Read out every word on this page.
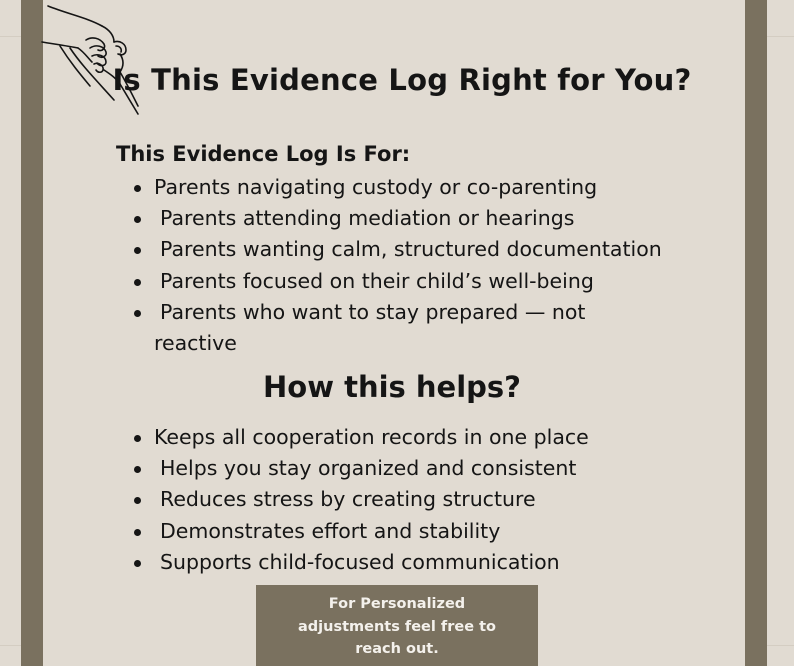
Is This Evidence Log Right for You?
This Evidence Log Is For:
Parents navigating custody or co-parenting
Parents attending mediation or hearings
Parents wanting calm, structured documentation
Parents focused on their child’s well-being
Parents who want to stay prepared — not reactive
How this helps?
Keeps all cooperation records in one place
Helps you stay organized and consistent
Reduces stress by creating structure
Demonstrates effort and stability
Supports child-focused communication
For Personalized
adjustments feel free to
reach out.
